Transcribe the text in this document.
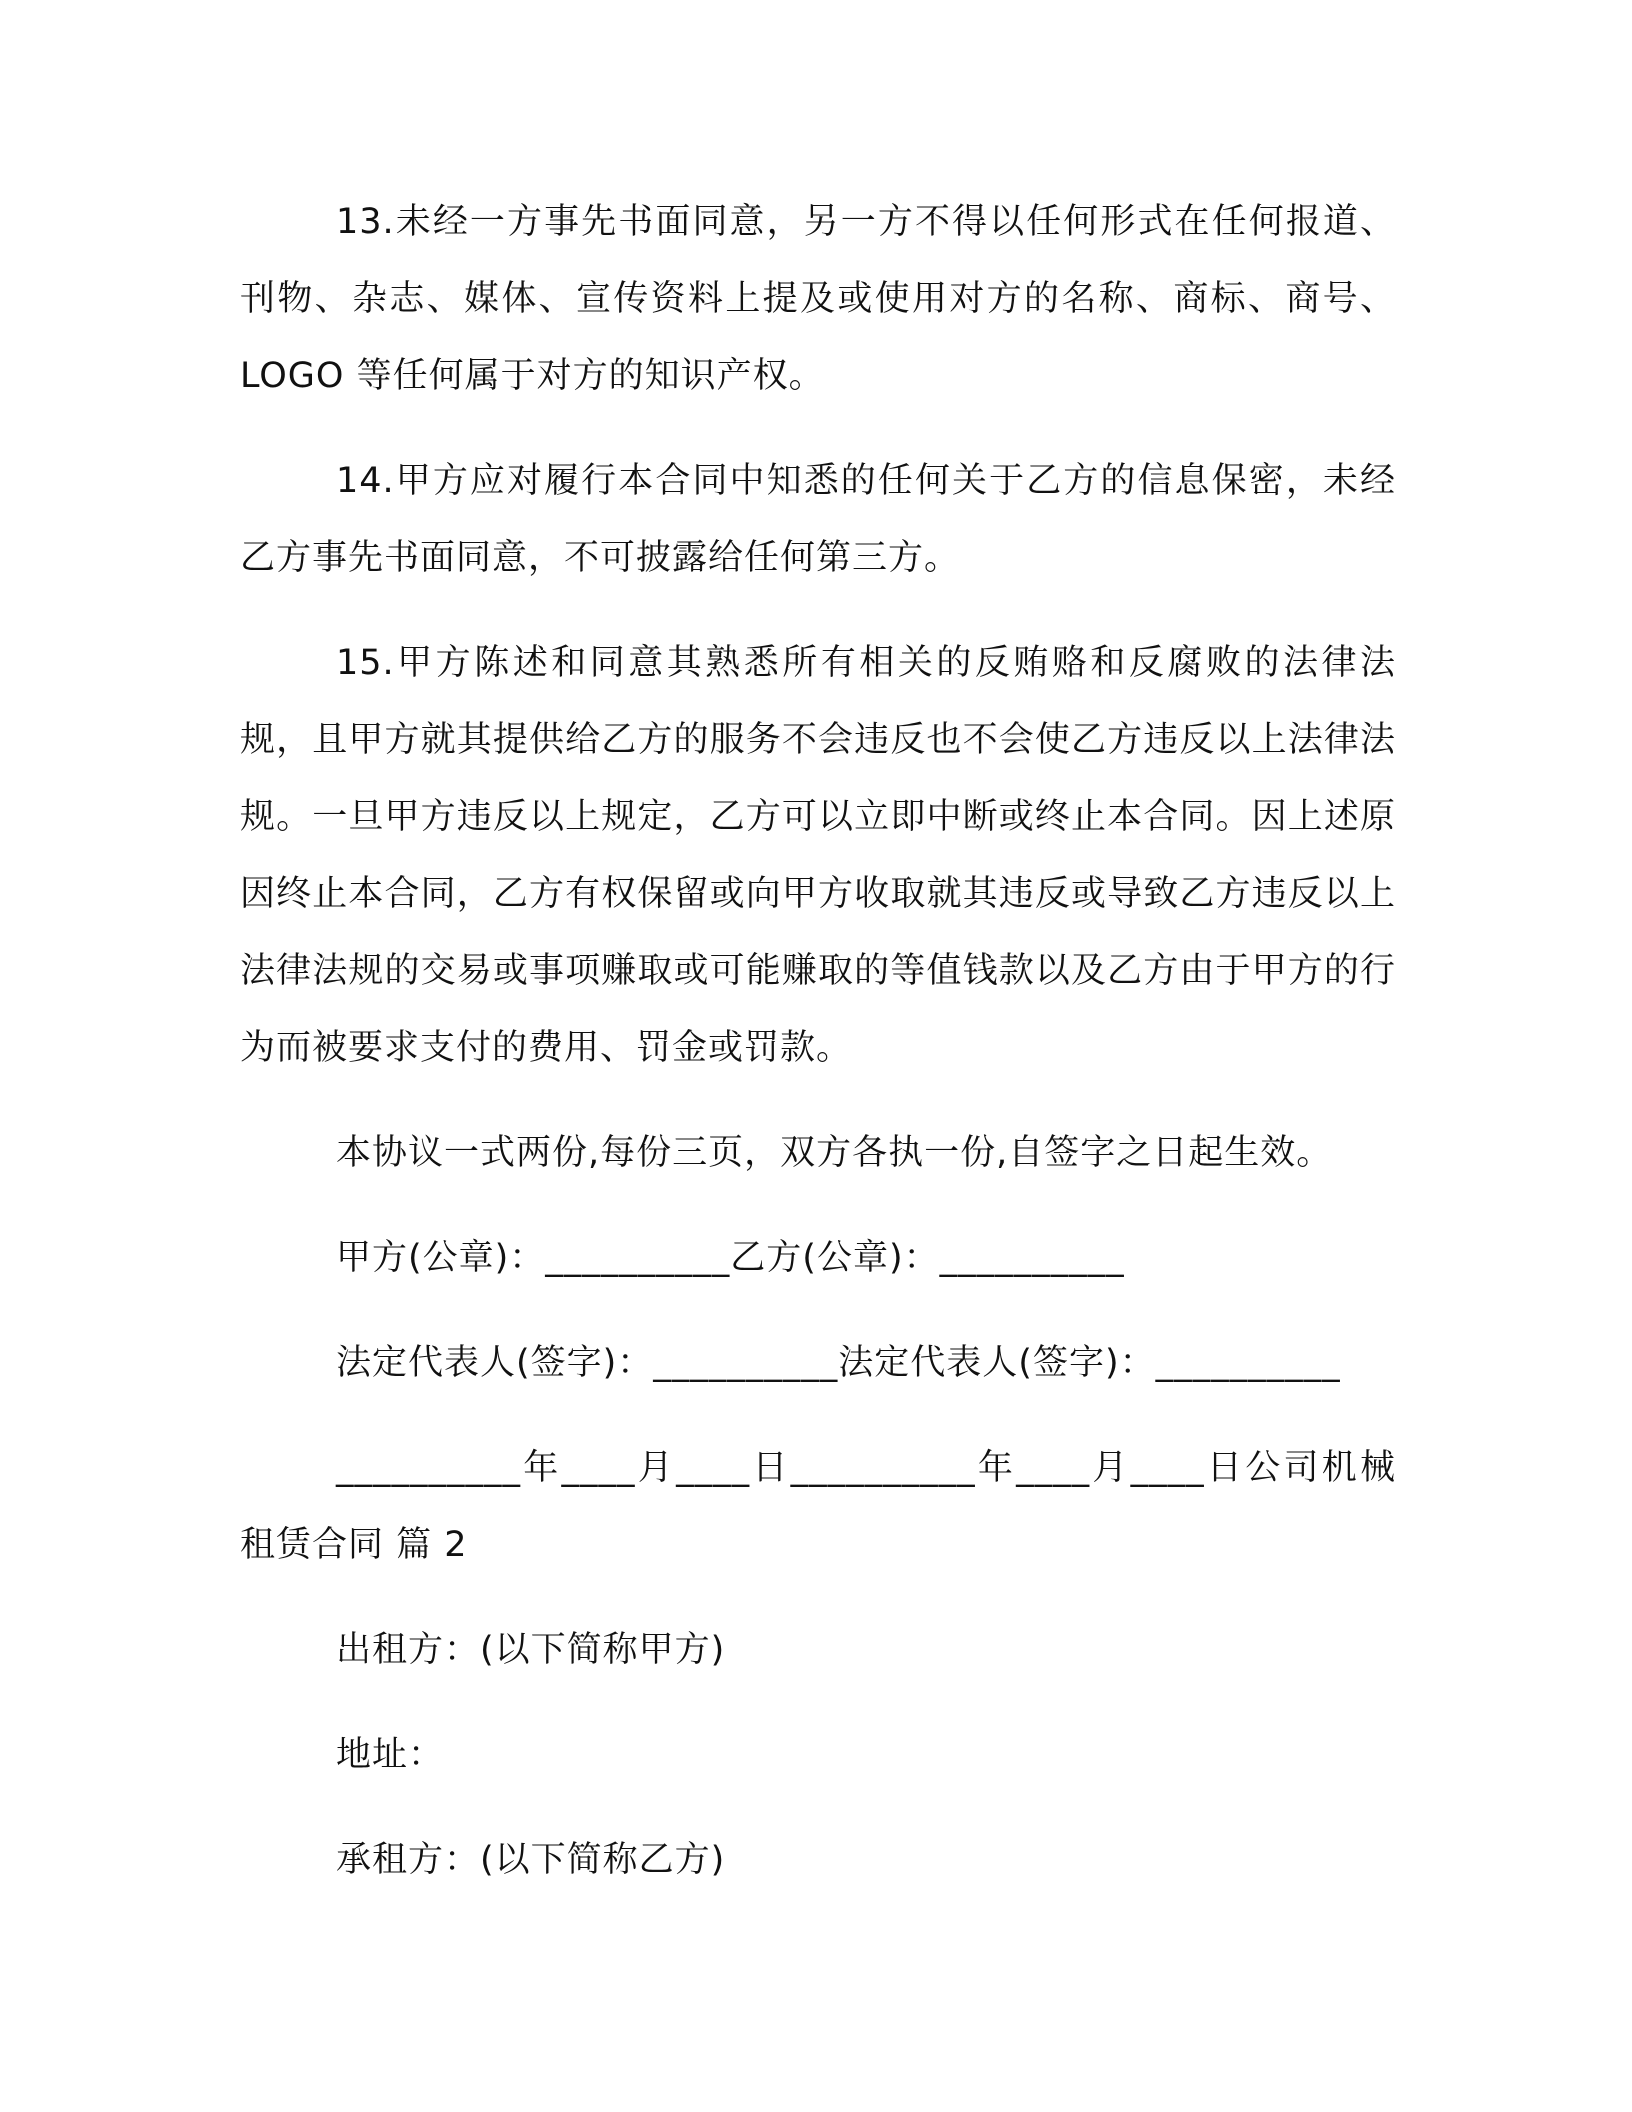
13.未经一方事先书面同意，另一方不得以任何形式在任何报道、刊物、杂志、媒体、宣传资料上提及或使用对方的名称、商标、商号、LOGO 等任何属于对方的知识产权。

14.甲方应对履行本合同中知悉的任何关于乙方的信息保密，未经乙方事先书面同意，不可披露给任何第三方。

15.甲方陈述和同意其熟悉所有相关的反贿赂和反腐败的法律法规，且甲方就其提供给乙方的服务不会违反也不会使乙方违反以上法律法规。一旦甲方违反以上规定，乙方可以立即中断或终止本合同。因上述原因终止本合同，乙方有权保留或向甲方收取就其违反或导致乙方违反以上法律法规的交易或事项赚取或可能赚取的等值钱款以及乙方由于甲方的行为而被要求支付的费用、罚金或罚款。

本协议一式两份,每份三页，双方各执一份,自签字之日起生效。

甲方(公章)：__________乙方(公章)：__________

法定代表人(签字)：__________法定代表人(签字)：__________

__________年____月____日__________年____月____日公司机械租赁合同 篇 2

出租方：(以下简称甲方)

地址：

承租方：(以下简称乙方)
